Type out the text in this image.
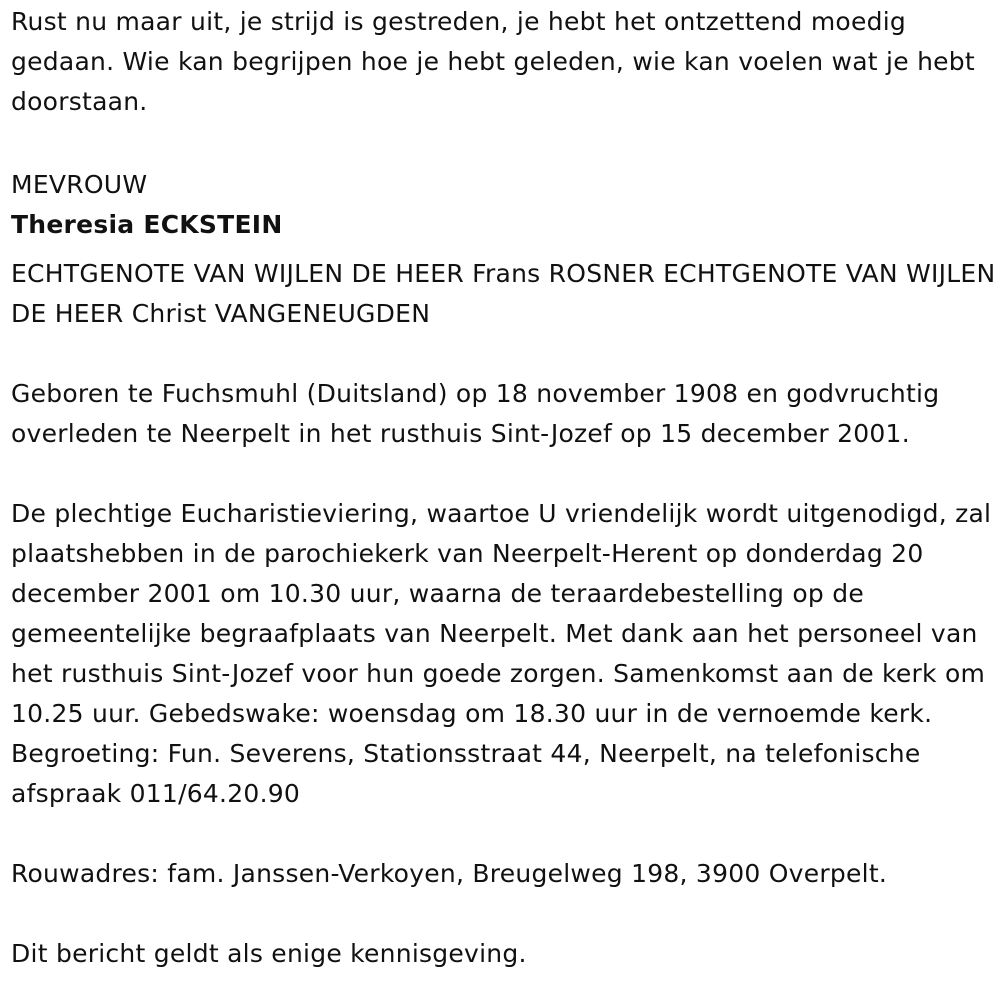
Rust nu maar uit, je strijd is gestreden, je hebt het ontzettend moedig gedaan. Wie kan begrijpen hoe je hebt geleden, wie kan voelen wat je hebt doorstaan.

MEVROUW

Theresia ECKSTEIN

ECHTGENOTE VAN WIJLEN DE HEER Frans ROSNER ECHTGENOTE VAN WIJLEN DE HEER Christ VANGENEUGDEN

Geboren te Fuchsmuhl (Duitsland) op 18 november 1908 en godvruchtig overleden te Neerpelt in het rusthuis Sint-Jozef op 15 december 2001.

De plechtige Eucharistieviering, waartoe U vriendelijk wordt uitgenodigd, zal plaatshebben in de parochiekerk van Neerpelt-Herent op donderdag 20 december 2001 om 10.30 uur, waarna de teraardebestelling op de gemeentelijke begraafplaats van Neerpelt. Met dank aan het personeel van het rusthuis Sint-Jozef voor hun goede zorgen. Samenkomst aan de kerk om 10.25 uur. Gebedswake: woensdag om 18.30 uur in de vernoemde kerk. Begroeting: Fun. Severens, Stationsstraat 44, Neerpelt, na telefonische afspraak 011/64.20.90

Rouwadres: fam. Janssen-Verkoyen, Breugelweg 198, 3900 Overpelt.

Dit bericht geldt als enige kennisgeving.
